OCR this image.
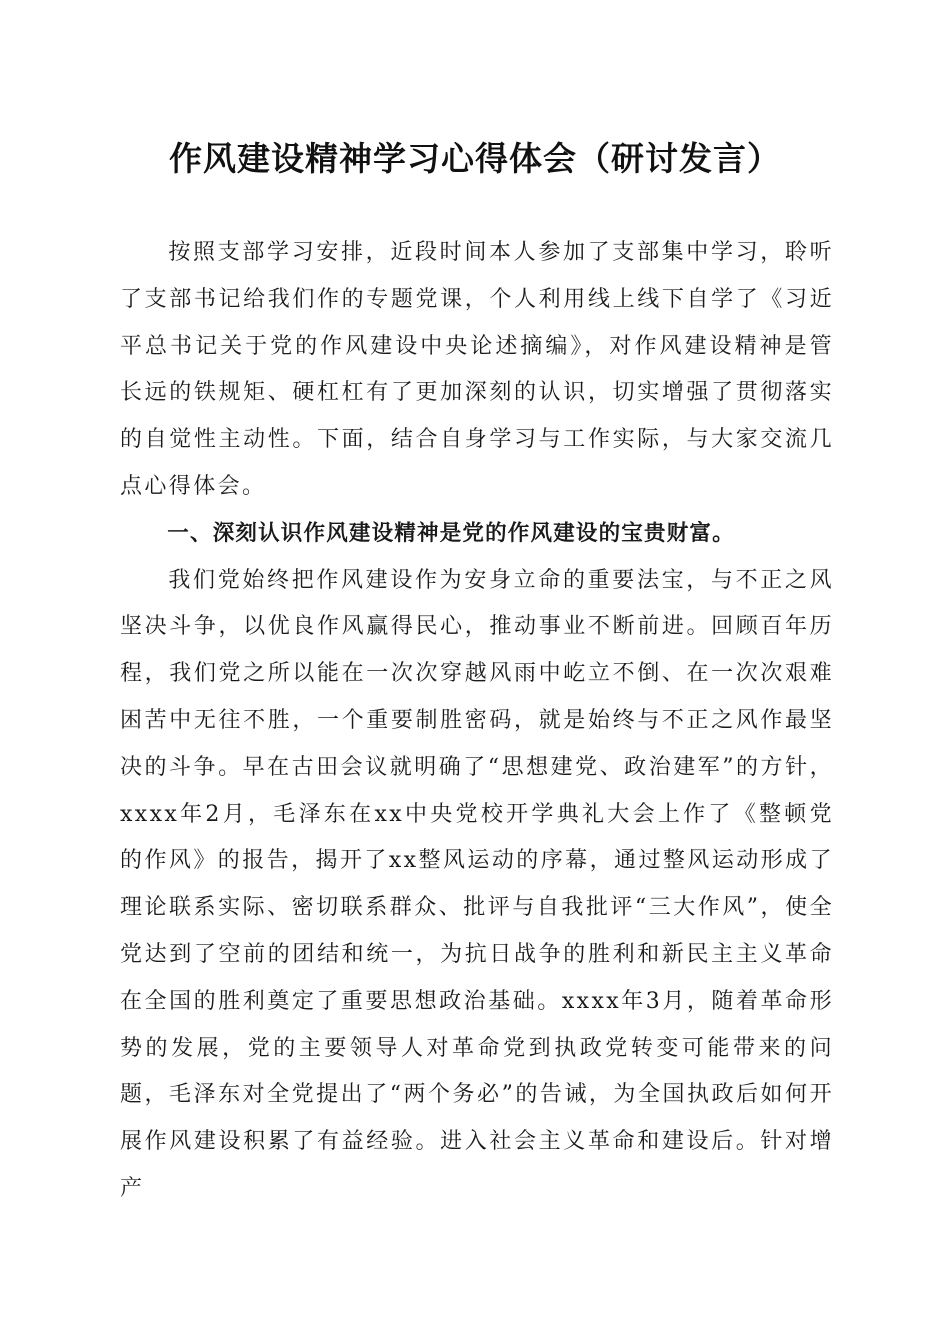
作风建设精神学习心得体会（研讨发言）

按照支部学习安排，近段时间本人参加了支部集中学习，聆听了支部书记给我们作的专题党课，个人利用线上线下自学了《习近平总书记关于党的作风建设中央论述摘编》，对作风建设精神是管长远的铁规矩、硬杠杠有了更加深刻的认识，切实增强了贯彻落实的自觉性主动性。下面，结合自身学习与工作实际，与大家交流几点心得体会。

一、深刻认识作风建设精神是党的作风建设的宝贵财富。

我们党始终把作风建设作为安身立命的重要法宝，与不正之风坚决斗争，以优良作风赢得民心，推动事业不断前进。回顾百年历程，我们党之所以能在一次次穿越风雨中屹立不倒、在一次次艰难困苦中无往不胜，一个重要制胜密码，就是始终与不正之风作最坚决的斗争。早在古田会议就明确了“思想建党、政治建军”的方针，xxxx年2月，毛泽东在xx中央党校开学典礼大会上作了《整顿党的作风》的报告，揭开了xx整风运动的序幕，通过整风运动形成了理论联系实际、密切联系群众、批评与自我批评“三大作风”，使全党达到了空前的团结和统一，为抗日战争的胜利和新民主主义革命在全国的胜利奠定了重要思想政治基础。xxxx年3月，随着革命形势的发展，党的主要领导人对革命党到执政党转变可能带来的问题，毛泽东对全党提出了“两个务必”的告诫，为全国执政后如何开展作风建设积累了有益经验。进入社会主义革命和建设后。针对增产
